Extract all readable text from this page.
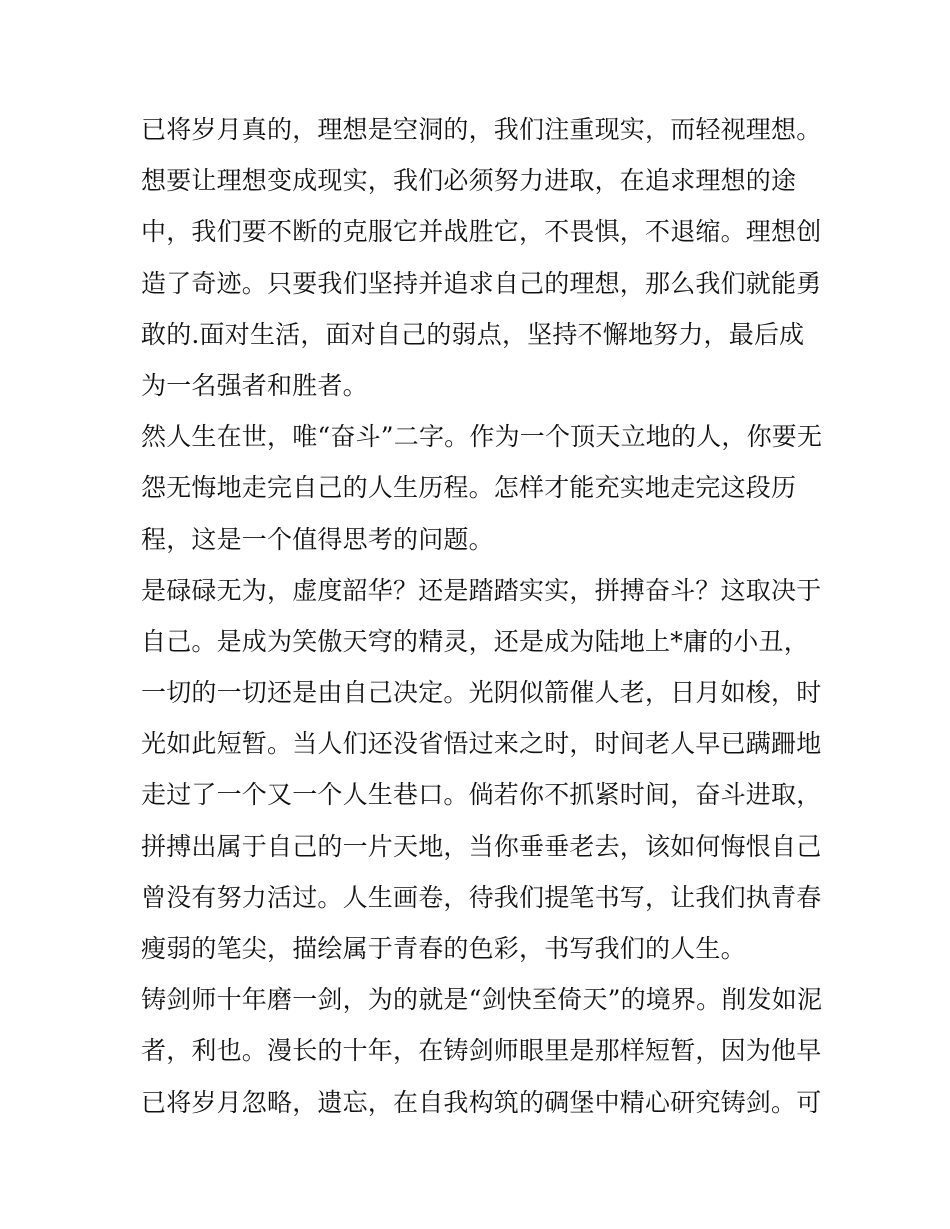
已将岁月真的，理想是空洞的，我们注重现实，而轻视理想。
想要让理想变成现实，我们必须努力进取，在追求理想的途
中，我们要不断的克服它并战胜它，不畏惧，不退缩。理想创
造了奇迹。只要我们坚持并追求自己的理想，那么我们就能勇
敢的.面对生活，面对自己的弱点，坚持不懈地努力，最后成
为一名强者和胜者。
然人生在世，唯“奋斗”二字。作为一个顶天立地的人，你要无
怨无悔地走完自己的人生历程。怎样才能充实地走完这段历
程，这是一个值得思考的问题。
是碌碌无为，虚度韶华？还是踏踏实实，拼搏奋斗？这取决于
自己。是成为笑傲天穹的精灵，还是成为陆地上*庸的小丑，
一切的一切还是由自己决定。光阴似箭催人老，日月如梭，时
光如此短暂。当人们还没省悟过来之时，时间老人早已蹒跚地
走过了一个又一个人生巷口。倘若你不抓紧时间，奋斗进取，
拼搏出属于自己的一片天地，当你垂垂老去，该如何悔恨自己
曾没有努力活过。人生画卷，待我们提笔书写，让我们执青春
瘦弱的笔尖，描绘属于青春的色彩，书写我们的人生。
铸剑师十年磨一剑，为的就是“剑快至倚天”的境界。削发如泥
者，利也。漫长的十年，在铸剑师眼里是那样短暂，因为他早
已将岁月忽略，遗忘，在自我构筑的碉堡中精心研究铸剑。可
